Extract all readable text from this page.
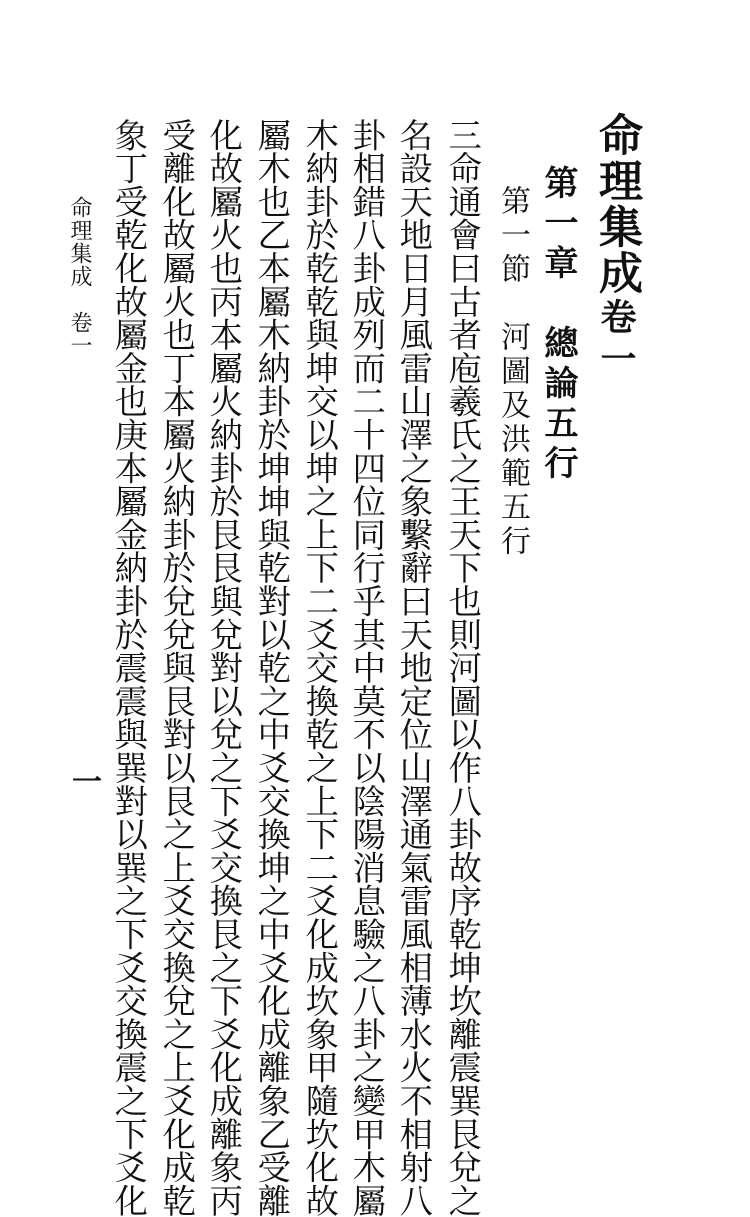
命理集成
卷一
第一章　總論五行
第一節　河圖及洪範五行
三命通會曰古者庖羲氏之王天下也則河圖以作八卦故序乾坤坎離震巽艮兌之
名設天地日月風雷山澤之象繫辭曰天地定位山澤通氣雷風相薄水火不相射八
卦相錯八卦成列而二十四位同行乎其中莫不以陰陽消息驗之八卦之變甲木屬
木納卦於乾乾與坤交以坤之上下二爻交換乾之上下二爻化成坎象甲隨坎化故
屬木也乙本屬木納卦於坤坤與乾對以乾之中爻交換坤之中爻化成離象乙受離
化故屬火也丙本屬火納卦於艮艮與兌對以兌之下爻交換艮之下爻化成離象丙
受離化故屬火也丁本屬火納卦於兌兌與艮對以艮之上爻交換兌之上爻化成乾
象丁受乾化故屬金也庚本屬金納卦於震震與巽對以巽之下爻交換震之下爻化
命理集成　卷一
一
